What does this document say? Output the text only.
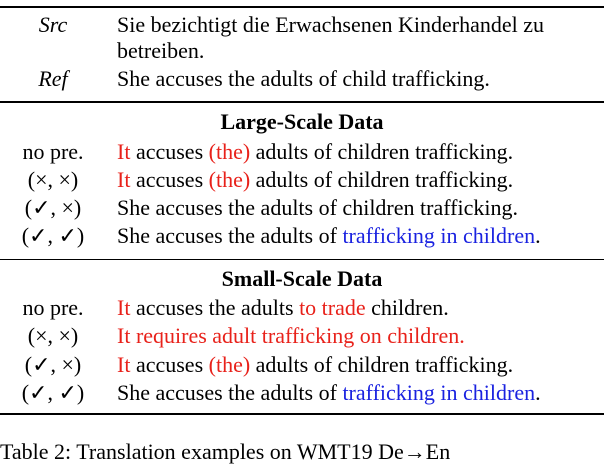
Src	Sie bezichtigt die Erwachsenen Kinderhandel zu
betreiben.
Ref	She accuses the adults of child trafficking.
Large-Scale Data
no pre.	It accuses (the) adults of children trafficking.
(×, ×)	It accuses (the) adults of children trafficking.
(✓, ×)	She accuses the adults of children trafficking.
(✓, ✓)	She accuses the adults of trafficking in children.
Small-Scale Data
no pre.	It accuses the adults to trade children.
(×, ×)	It requires adult trafficking on children.
(✓, ×)	It accuses (the) adults of children trafficking.
(✓, ✓)	She accuses the adults of trafficking in children.
Table 2: Translation examples on WMT19 De→En
